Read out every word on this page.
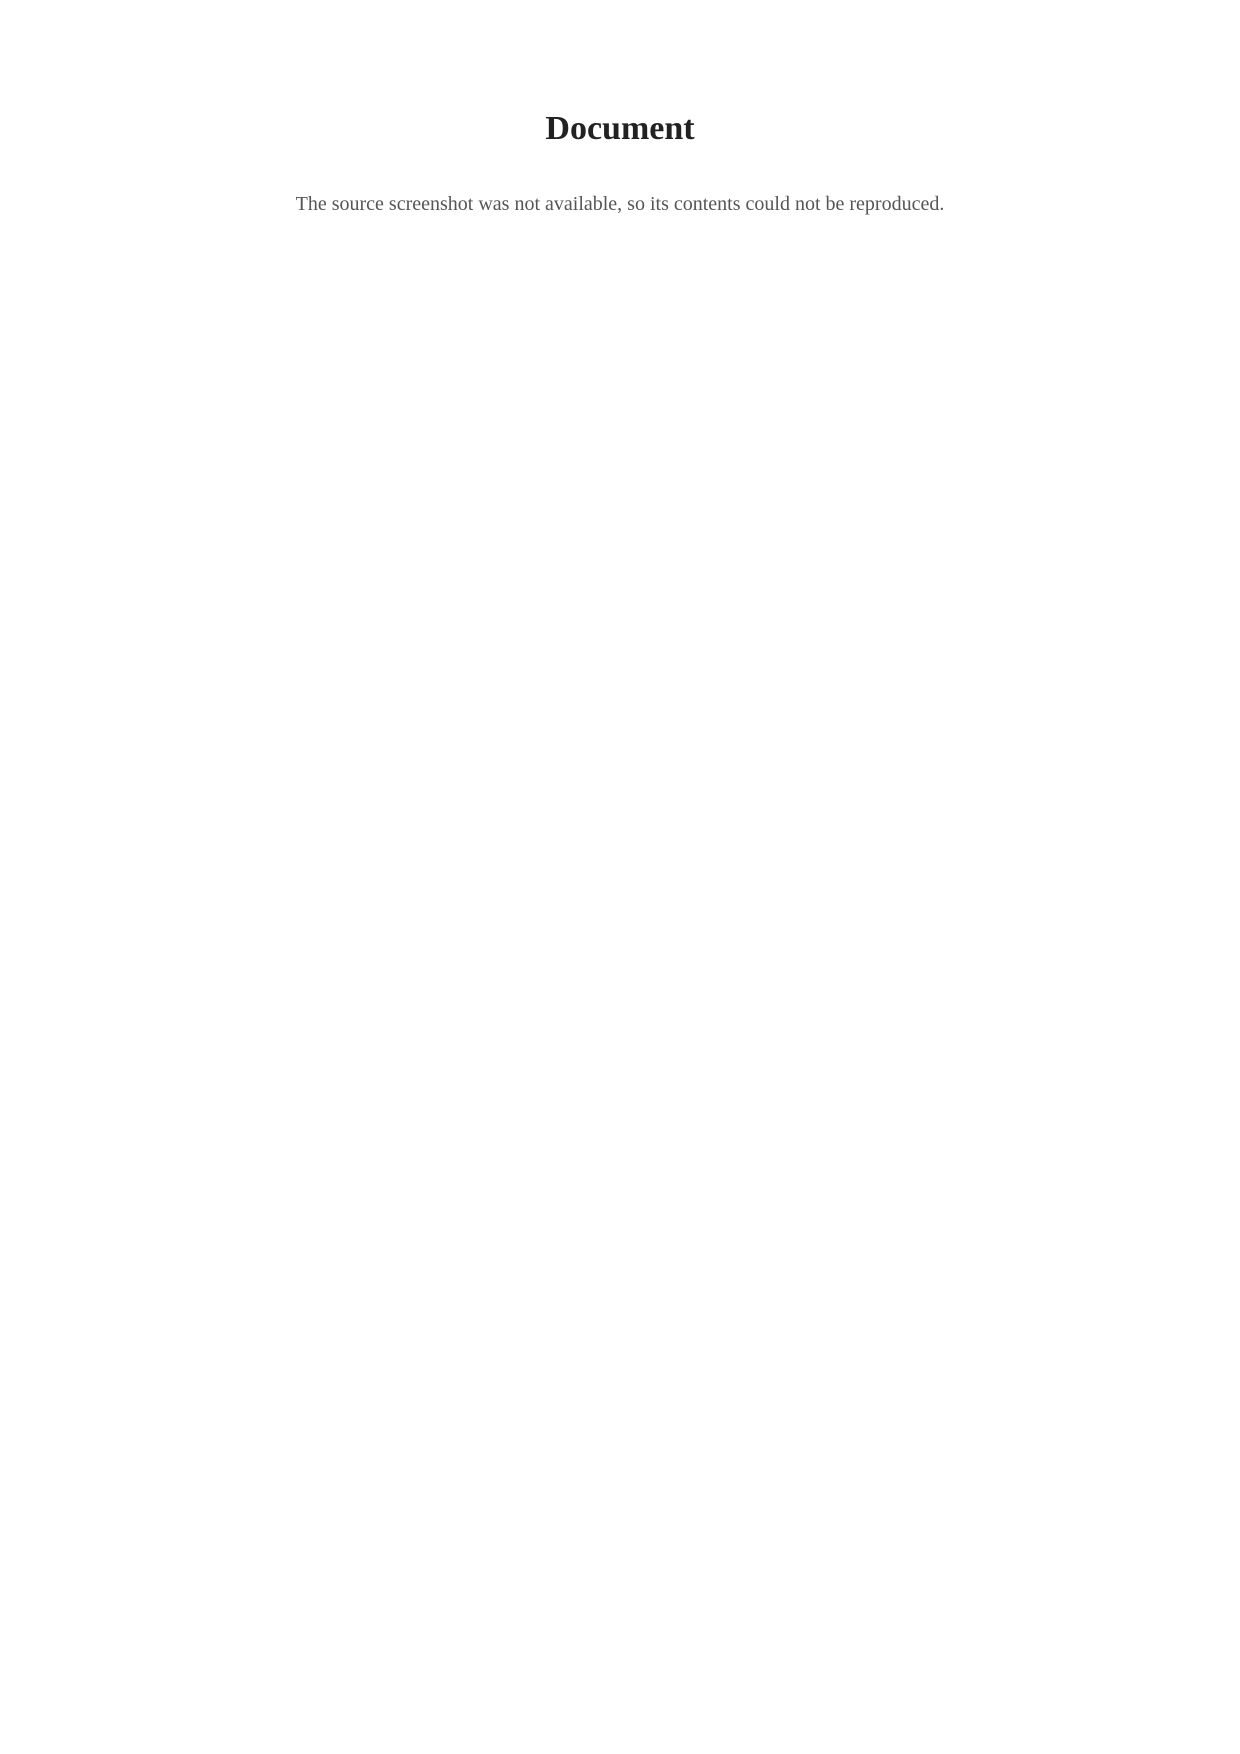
Document

The source screenshot was not available, so its contents could not be reproduced.
